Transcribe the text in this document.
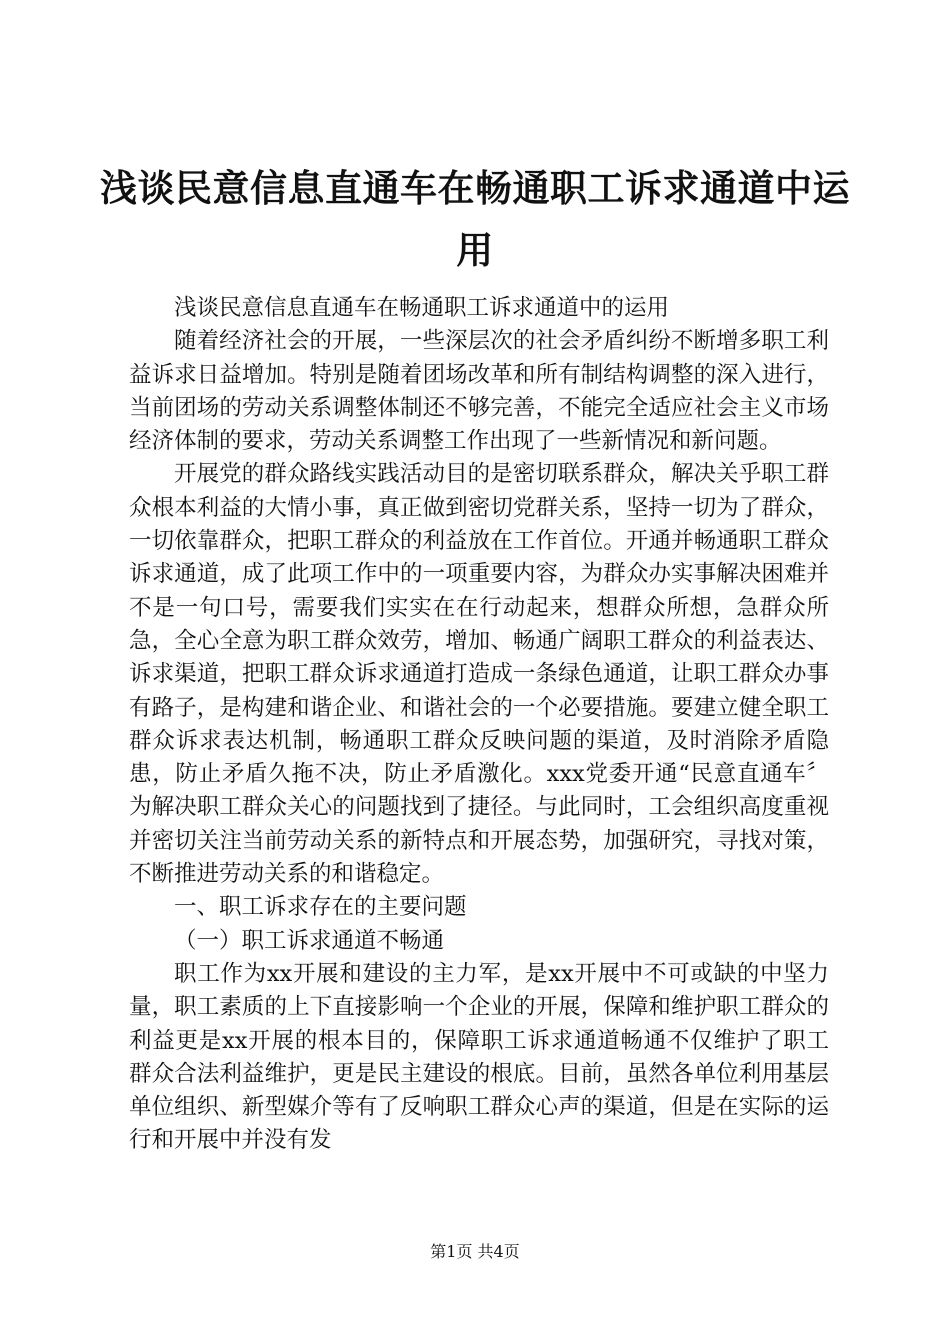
浅谈民意信息直通车在畅通职工诉求通道中运用

浅谈民意信息直通车在畅通职工诉求通道中的运用

随着经济社会的开展，一些深层次的社会矛盾纠纷不断增多职工利益诉求日益增加。特别是随着团场改革和所有制结构调整的深入进行，当前团场的劳动关系调整体制还不够完善，不能完全适应社会主义市场经济体制的要求，劳动关系调整工作出现了一些新情况和新问题。

开展党的群众路线实践活动目的是密切联系群众，解决关乎职工群众根本利益的大情小事，真正做到密切党群关系，坚持一切为了群众，一切依靠群众，把职工群众的利益放在工作首位。开通并畅通职工群众诉求通道，成了此项工作中的一项重要内容，为群众办实事解决困难并不是一句口号，需要我们实实在在行动起来，想群众所想，急群众所急，全心全意为职工群众效劳，增加、畅通广阔职工群众的利益表达、诉求渠道，把职工群众诉求通道打造成一条绿色通道，让职工群众办事有路子，是构建和谐企业、和谐社会的一个必要措施。要建立健全职工群众诉求表达机制，畅通职工群众反映问题的渠道，及时消除矛盾隐患，防止矛盾久拖不决，防止矛盾激化。xxx党委开通“民意直通车〞为解决职工群众关心的问题找到了捷径。与此同时，工会组织高度重视并密切关注当前劳动关系的新特点和开展态势，加强研究，寻找对策，不断推进劳动关系的和谐稳定。

一、职工诉求存在的主要问题

（一）职工诉求通道不畅通

职工作为xx开展和建设的主力军，是xx开展中不可或缺的中坚力量，职工素质的上下直接影响一个企业的开展，保障和维护职工群众的利益更是xx开展的根本目的，保障职工诉求通道畅通不仅维护了职工群众合法利益维护，更是民主建设的根底。目前，虽然各单位利用基层单位组织、新型媒介等有了反响职工群众心声的渠道，但是在实际的运行和开展中并没有发

第1页 共4页
